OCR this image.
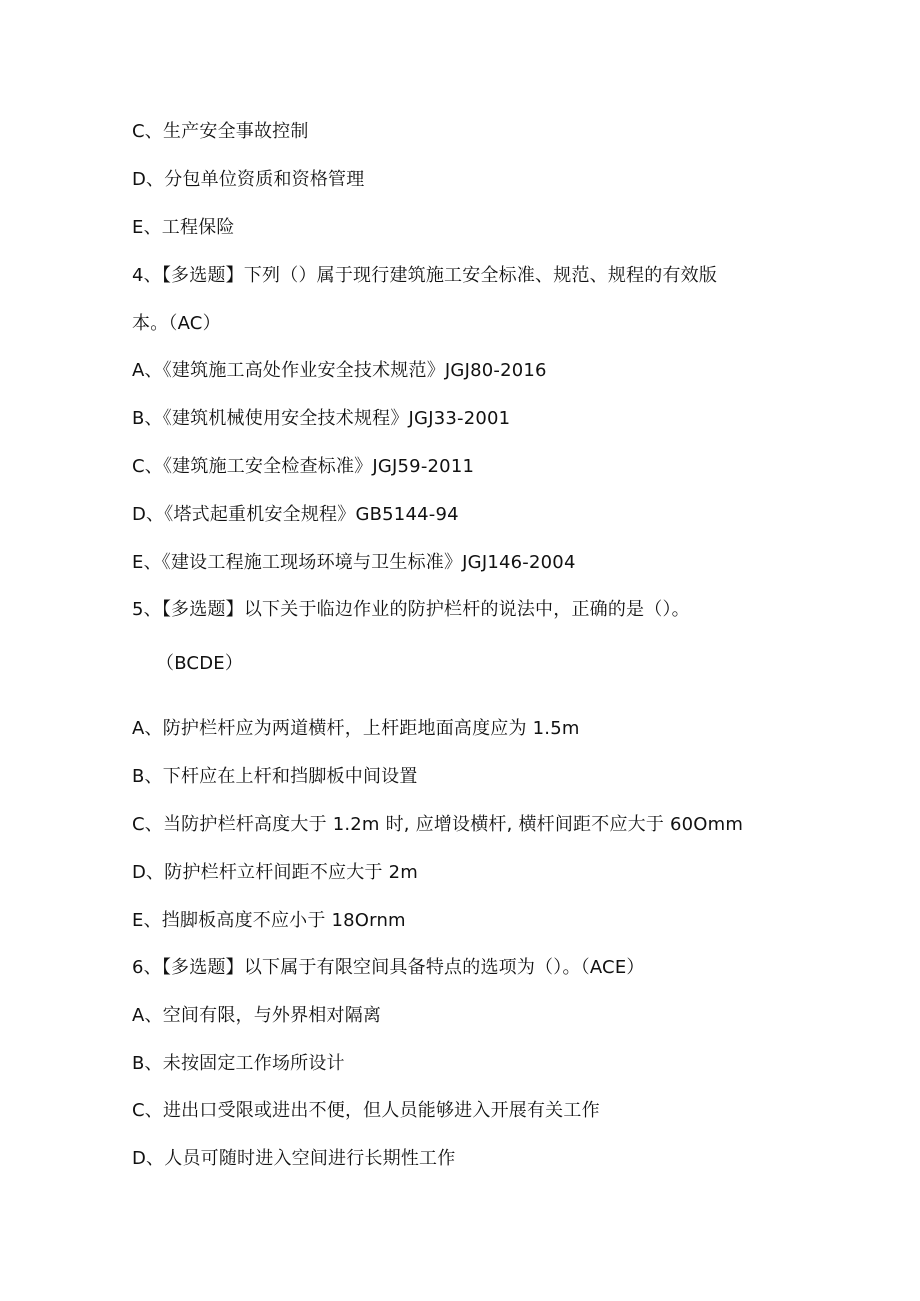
C、生产安全事故控制
D、分包单位资质和资格管理
E、工程保险
4、【多选题】下列（）属于现行建筑施工安全标准、规范、规程的有效版
本。（AC）
A、《建筑施工高处作业安全技术规范》JGJ80-2016
B、《建筑机械使用安全技术规程》JGJ33-2001
C、《建筑施工安全检查标准》JGJ59-2011
D、《塔式起重机安全规程》GB5144-94
E、《建设工程施工现场环境与卫生标准》JGJ146-2004
5、【多选题】以下关于临边作业的防护栏杆的说法中，正确的是（）。
（BCDE）
A、防护栏杆应为两道横杆，上杆距地面高度应为 1.5m
B、下杆应在上杆和挡脚板中间设置
C、当防护栏杆高度大于 1.2m 时, 应增设横杆, 横杆间距不应大于 60Omm
D、防护栏杆立杆间距不应大于 2m
E、挡脚板高度不应小于 18Ornm
6、【多选题】以下属于有限空间具备特点的选项为（）。（ACE）
A、空间有限，与外界相对隔离
B、未按固定工作场所设计
C、进出口受限或进出不便，但人员能够进入开展有关工作
D、人员可随时进入空间进行长期性工作
